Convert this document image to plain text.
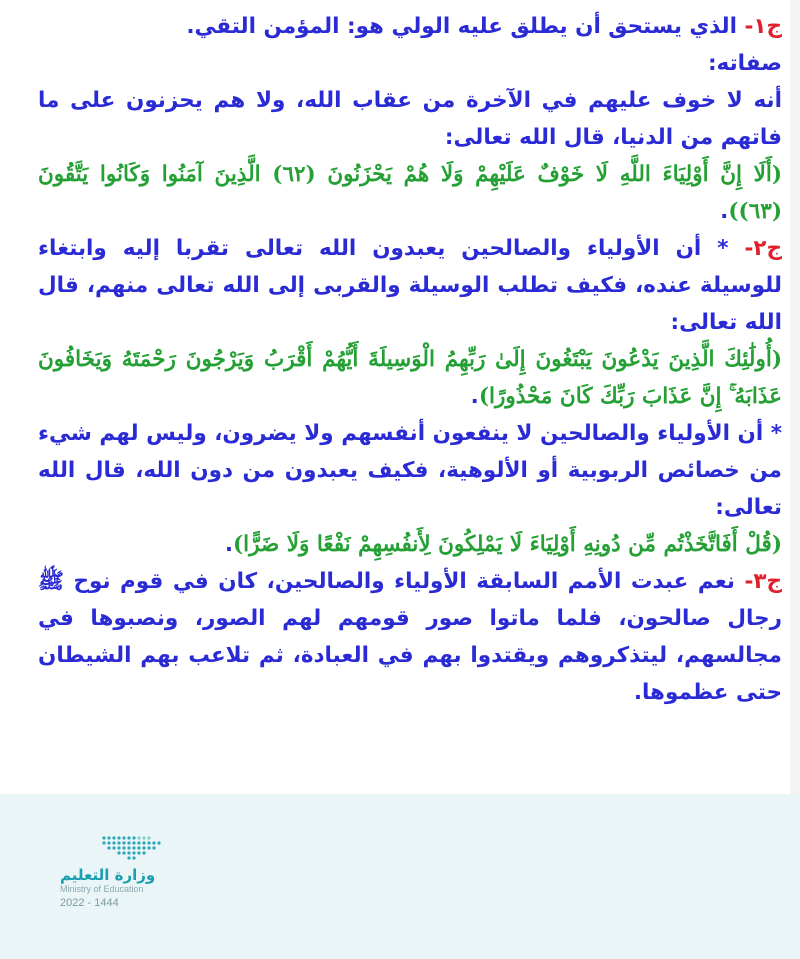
ج١- الذي يستحق أن يطلق عليه الولي هو: المؤمن التقي.
صفاته:
أنه لا خوف عليهم في الآخرة من عقاب الله، ولا هم يحزنون على ما فاتهم من الدنيا، قال الله تعالى:
(أَلَا إِنَّ أَوْلِيَاءَ اللَّهِ لَا خَوْفٌ عَلَيْهِمْ وَلَا هُمْ يَحْزَنُونَ (٦٢) الَّذِينَ آمَنُوا وَكَانُوا يَتَّقُونَ (٦٣)).

ج٢- * أن الأولياء والصالحين يعبدون الله تعالى تقربا إليه وابتغاء للوسيلة عنده، فكيف تطلب الوسيلة والقربى إلى الله تعالى منهم، قال الله تعالى:
(أُولَٰئِكَ الَّذِينَ يَدْعُونَ يَبْتَغُونَ إِلَىٰ رَبِّهِمُ الْوَسِيلَةَ أَيُّهُمْ أَقْرَبُ وَيَرْجُونَ رَحْمَتَهُ وَيَخَافُونَ عَذَابَهُ ۚ إِنَّ عَذَابَ رَبِّكَ كَانَ مَحْذُورًا).
* أن الأولياء والصالحين لا ينفعون أنفسهم ولا يضرون، وليس لهم شيء من خصائص الربوبية أو الألوهية، فكيف يعبدون من دون الله، قال الله تعالى:
(قُلْ أَفَاتَّخَذْتُم مِّن دُونِهِ أَوْلِيَاءَ لَا يَمْلِكُونَ لِأَنفُسِهِمْ نَفْعًا وَلَا ضَرًّا).

ج٣- نعم عبدت الأمم السابقة الأولياء والصالحين، كان في قوم نوح ﷺ رجال صالحون، فلما ماتوا صور قومهم لهم الصور، ونصبوها في مجالسهم، ليتذكروهم ويقتدوا بهم في العبادة، ثم تلاعب بهم الشيطان حتى عظموها.

وزارة التعليم
Ministry of Education
2022 - 1444
